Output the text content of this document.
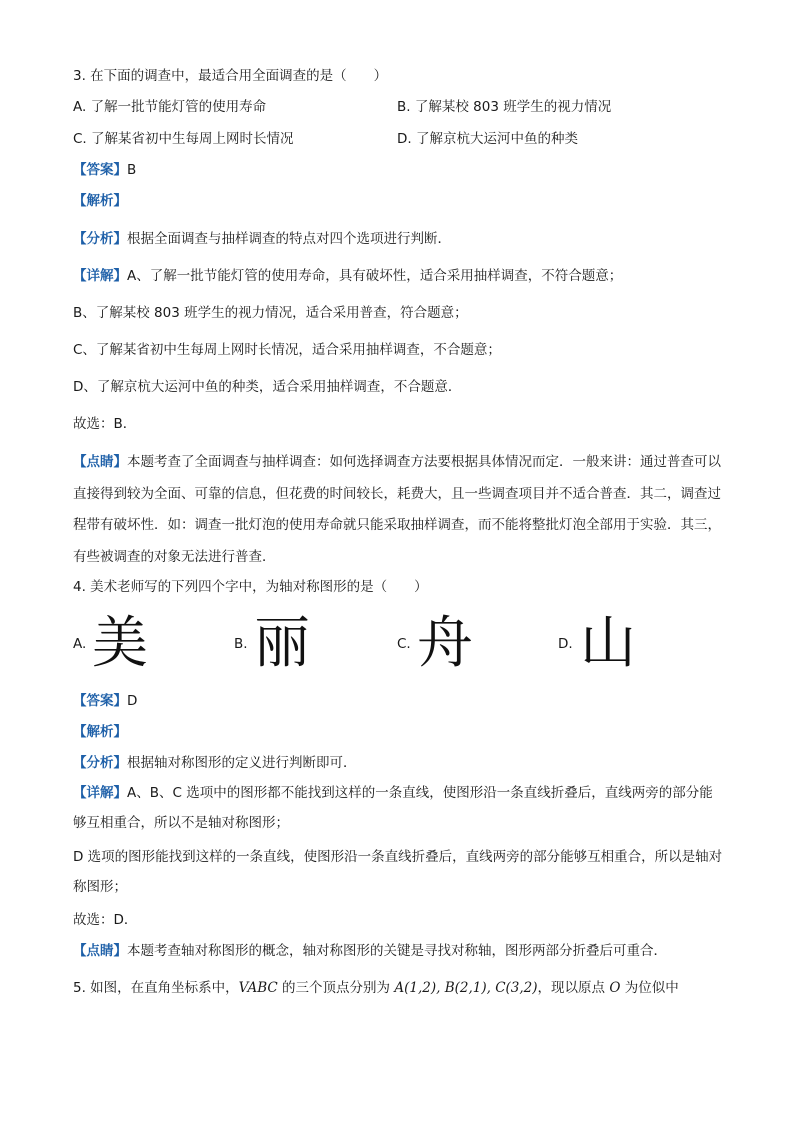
3. 在下面的调查中，最适合用全面调查的是（　　）
A. 了解一批节能灯管的使用寿命	B. 了解某校 803 班学生的视力情况
C. 了解某省初中生每周上网时长情况	D. 了解京杭大运河中鱼的种类
【答案】B
【解析】
【分析】根据全面调查与抽样调查的特点对四个选项进行判断．
【详解】A、了解一批节能灯管的使用寿命，具有破坏性，适合采用抽样调查，不符合题意；
B、了解某校 803 班学生的视力情况，适合采用普查，符合题意；
C、了解某省初中生每周上网时长情况，适合采用抽样调查，不合题意；
D、了解京杭大运河中鱼的种类，适合采用抽样调查，不合题意．
故选：B．
【点睛】本题考查了全面调查与抽样调查：如何选择调查方法要根据具体情况而定．一般来讲：通过普查可以直接得到较为全面、可靠的信息，但花费的时间较长，耗费大，且一些调查项目并不适合普查．其二，调查过程带有破坏性．如：调查一批灯泡的使用寿命就只能采取抽样调查，而不能将整批灯泡全部用于实验．其三，有些被调查的对象无法进行普查．
4. 美术老师写的下列四个字中，为轴对称图形的是（　　）
A. 美	B. 丽	C. 舟	D. 山
【答案】D
【解析】
【分析】根据轴对称图形的定义进行判断即可．
【详解】A、B、C 选项中的图形都不能找到这样的一条直线，使图形沿一条直线折叠后，直线两旁的部分能够互相重合，所以不是轴对称图形；
D 选项的图形能找到这样的一条直线，使图形沿一条直线折叠后，直线两旁的部分能够互相重合，所以是轴对称图形；
故选：D．
【点睛】本题考查轴对称图形的概念，轴对称图形的关键是寻找对称轴，图形两部分折叠后可重合．
5. 如图，在直角坐标系中，VABC 的三个顶点分别为 A(1,2), B(2,1), C(3,2)，现以原点 O 为位似中
